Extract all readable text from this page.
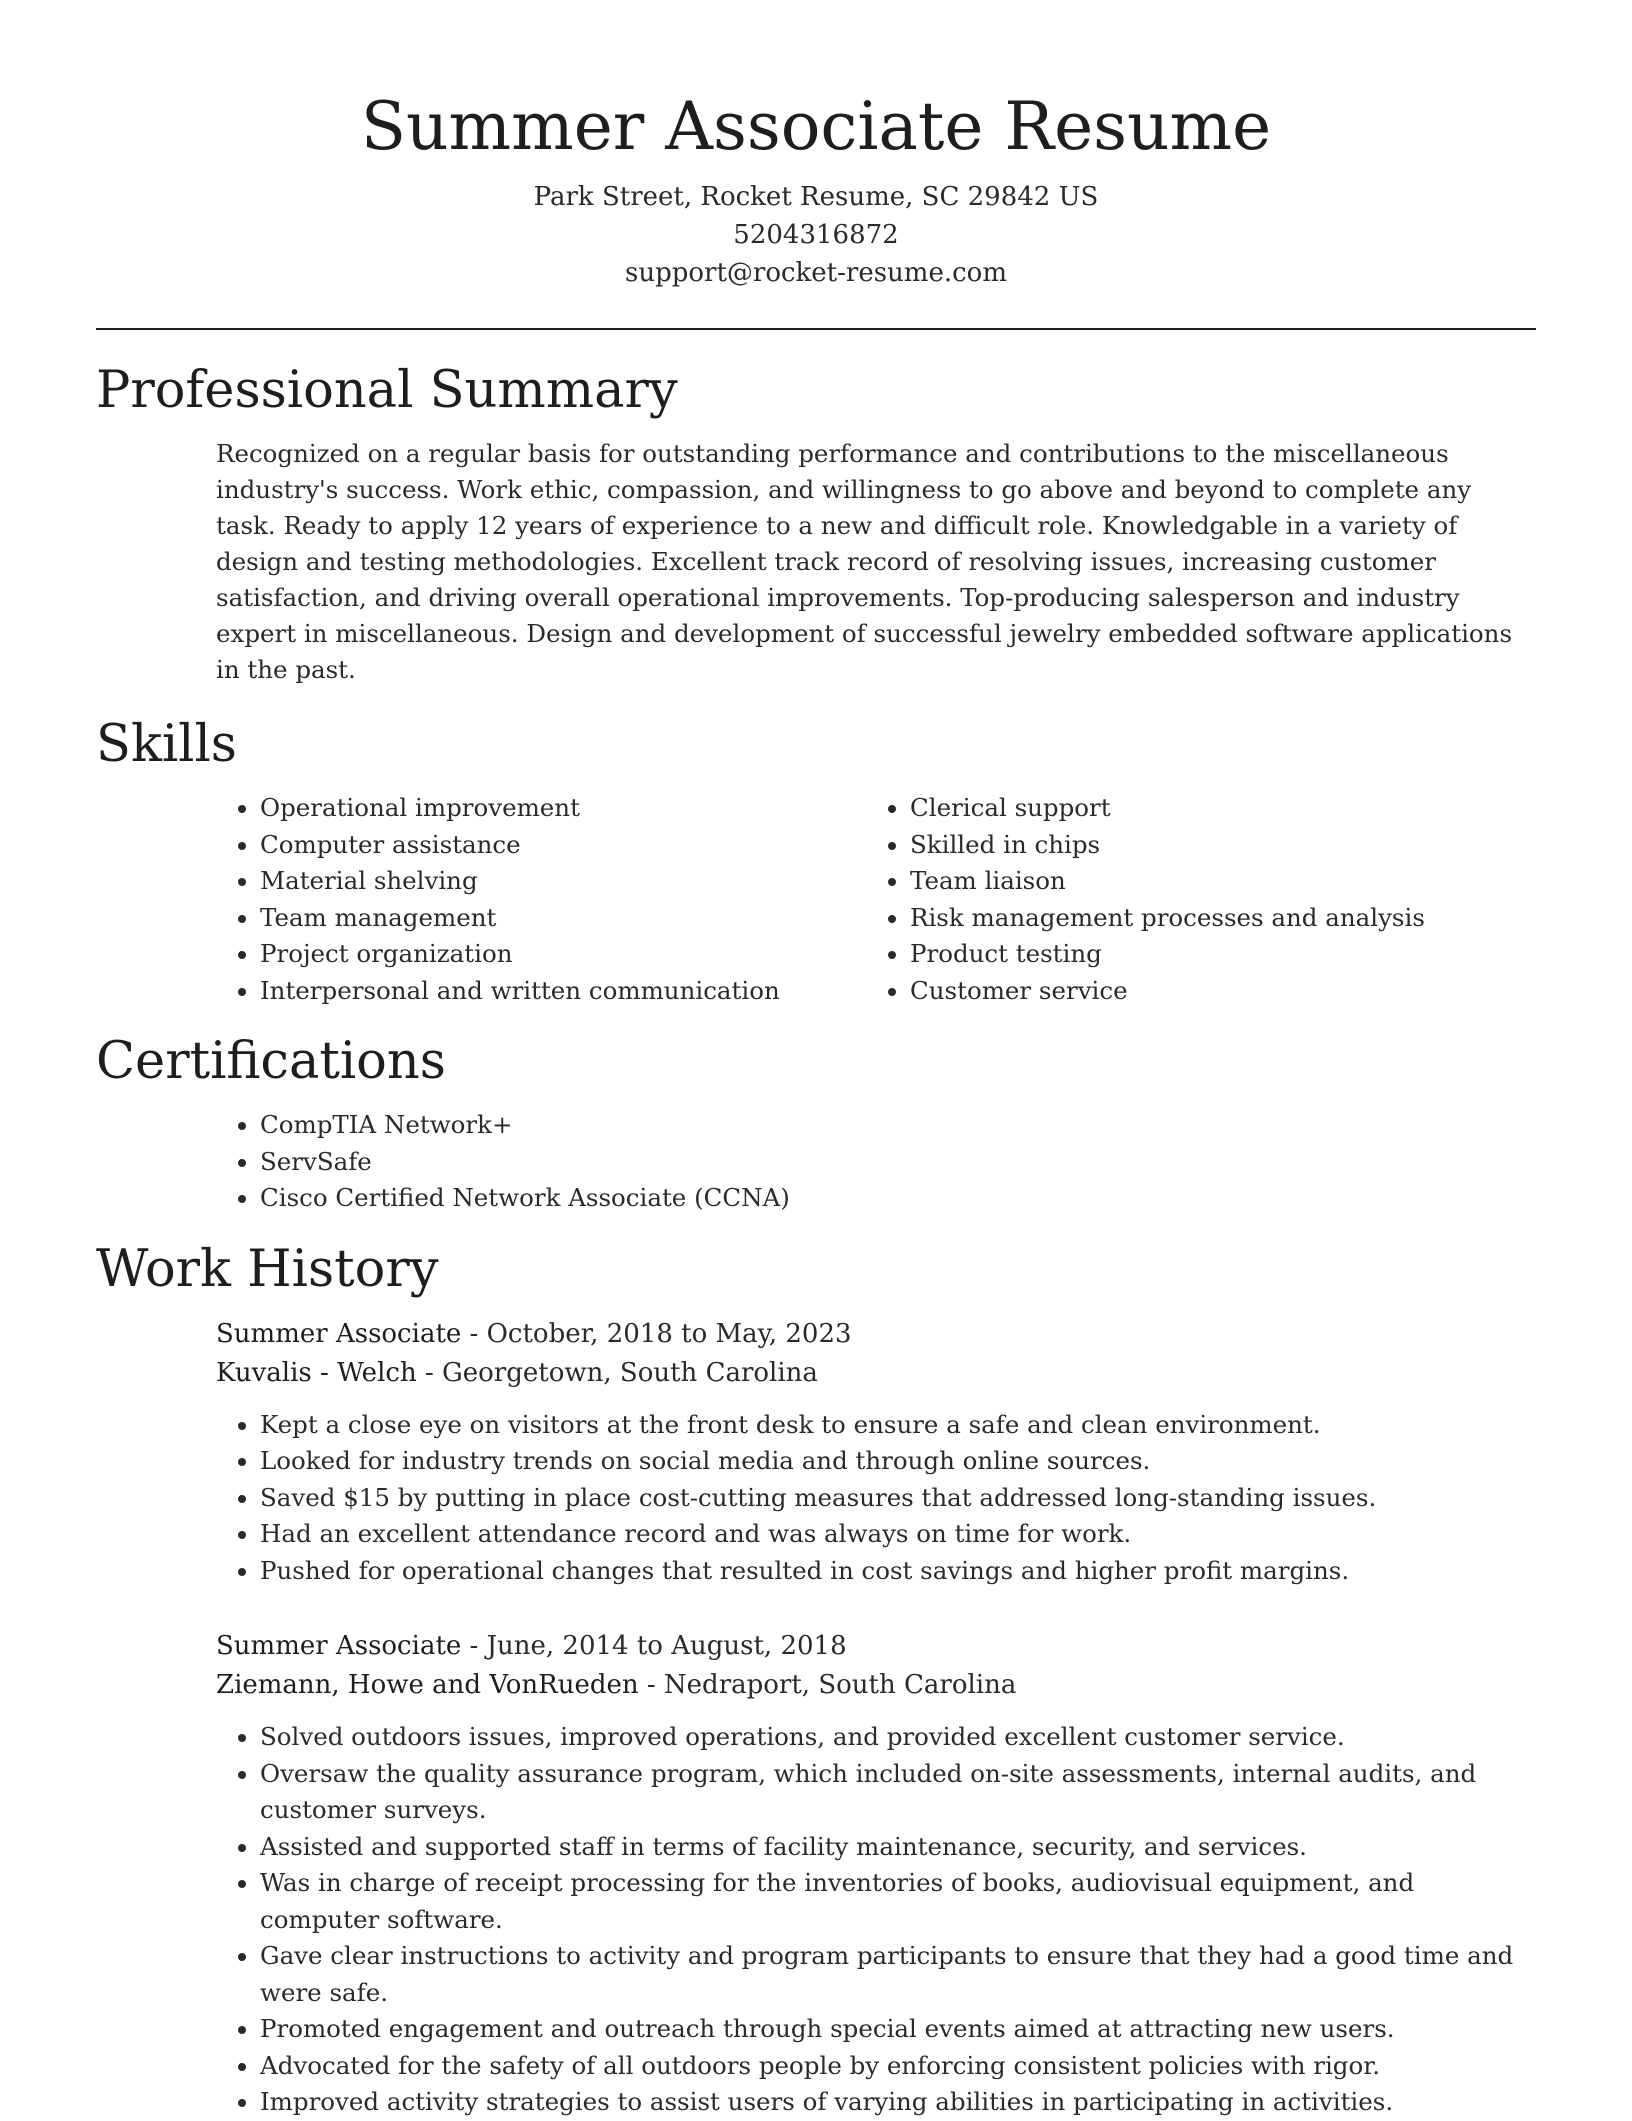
Summer Associate Resume
Park Street, Rocket Resume, SC 29842 US
5204316872
support@rocket-resume.com
Professional Summary

Recognized on a regular basis for outstanding performance and contributions to the miscellaneous industry's success. Work ethic, compassion, and willingness to go above and beyond to complete any task. Ready to apply 12 years of experience to a new and difficult role. Knowledgable in a variety of design and testing methodologies. Excellent track record of resolving issues, increasing customer satisfaction, and driving overall operational improvements. Top-producing salesperson and industry expert in miscellaneous. Design and development of successful jewelry embedded software applications in the past.

Skills
• Operational improvement
• Computer assistance
• Material shelving
• Team management
• Project organization
• Interpersonal and written communication
• Clerical support
• Skilled in chips
• Team liaison
• Risk management processes and analysis
• Product testing
• Customer service
Certifications
• CompTIA Network+
• ServSafe
• Cisco Certified Network Associate (CCNA)
Work History
Summer Associate - October, 2018 to May, 2023
Kuvalis - Welch - Georgetown, South Carolina
• Kept a close eye on visitors at the front desk to ensure a safe and clean environment.
• Looked for industry trends on social media and through online sources.
• Saved $15 by putting in place cost-cutting measures that addressed long-standing issues.
• Had an excellent attendance record and was always on time for work.
• Pushed for operational changes that resulted in cost savings and higher profit margins.
Summer Associate - June, 2014 to August, 2018
Ziemann, Howe and VonRueden - Nedraport, South Carolina
• Solved outdoors issues, improved operations, and provided excellent customer service.
• Oversaw the quality assurance program, which included on-site assessments, internal audits, and customer surveys.
• Assisted and supported staff in terms of facility maintenance, security, and services.
• Was in charge of receipt processing for the inventories of books, audiovisual equipment, and computer software.
• Gave clear instructions to activity and program participants to ensure that they had a good time and were safe.
• Promoted engagement and outreach through special events aimed at attracting new users.
• Advocated for the safety of all outdoors people by enforcing consistent policies with rigor.
• Improved activity strategies to assist users of varying abilities in participating in activities.
